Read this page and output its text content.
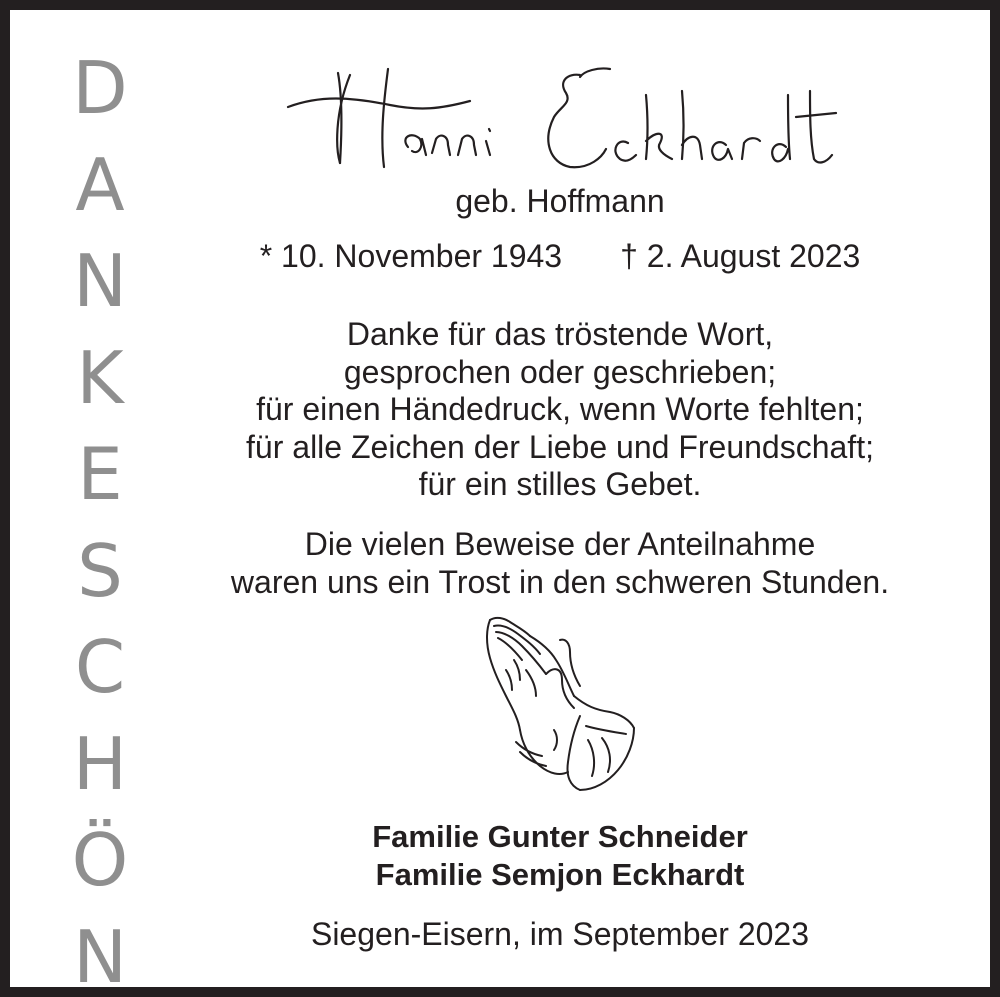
D
A
N
K
E
S
C
H
Ö
N
geb. Hoffmann
* 10. November 1943 † 2. August 2023
Danke für das tröstende Wort,
gesprochen oder geschrieben;
für einen Händedruck, wenn Worte fehlten;
für alle Zeichen der Liebe und Freundschaft;
für ein stilles Gebet.
Die vielen Beweise der Anteilnahme
waren uns ein Trost in den schweren Stunden.
Familie Gunter Schneider
Familie Semjon Eckhardt
Siegen-Eisern, im September 2023
